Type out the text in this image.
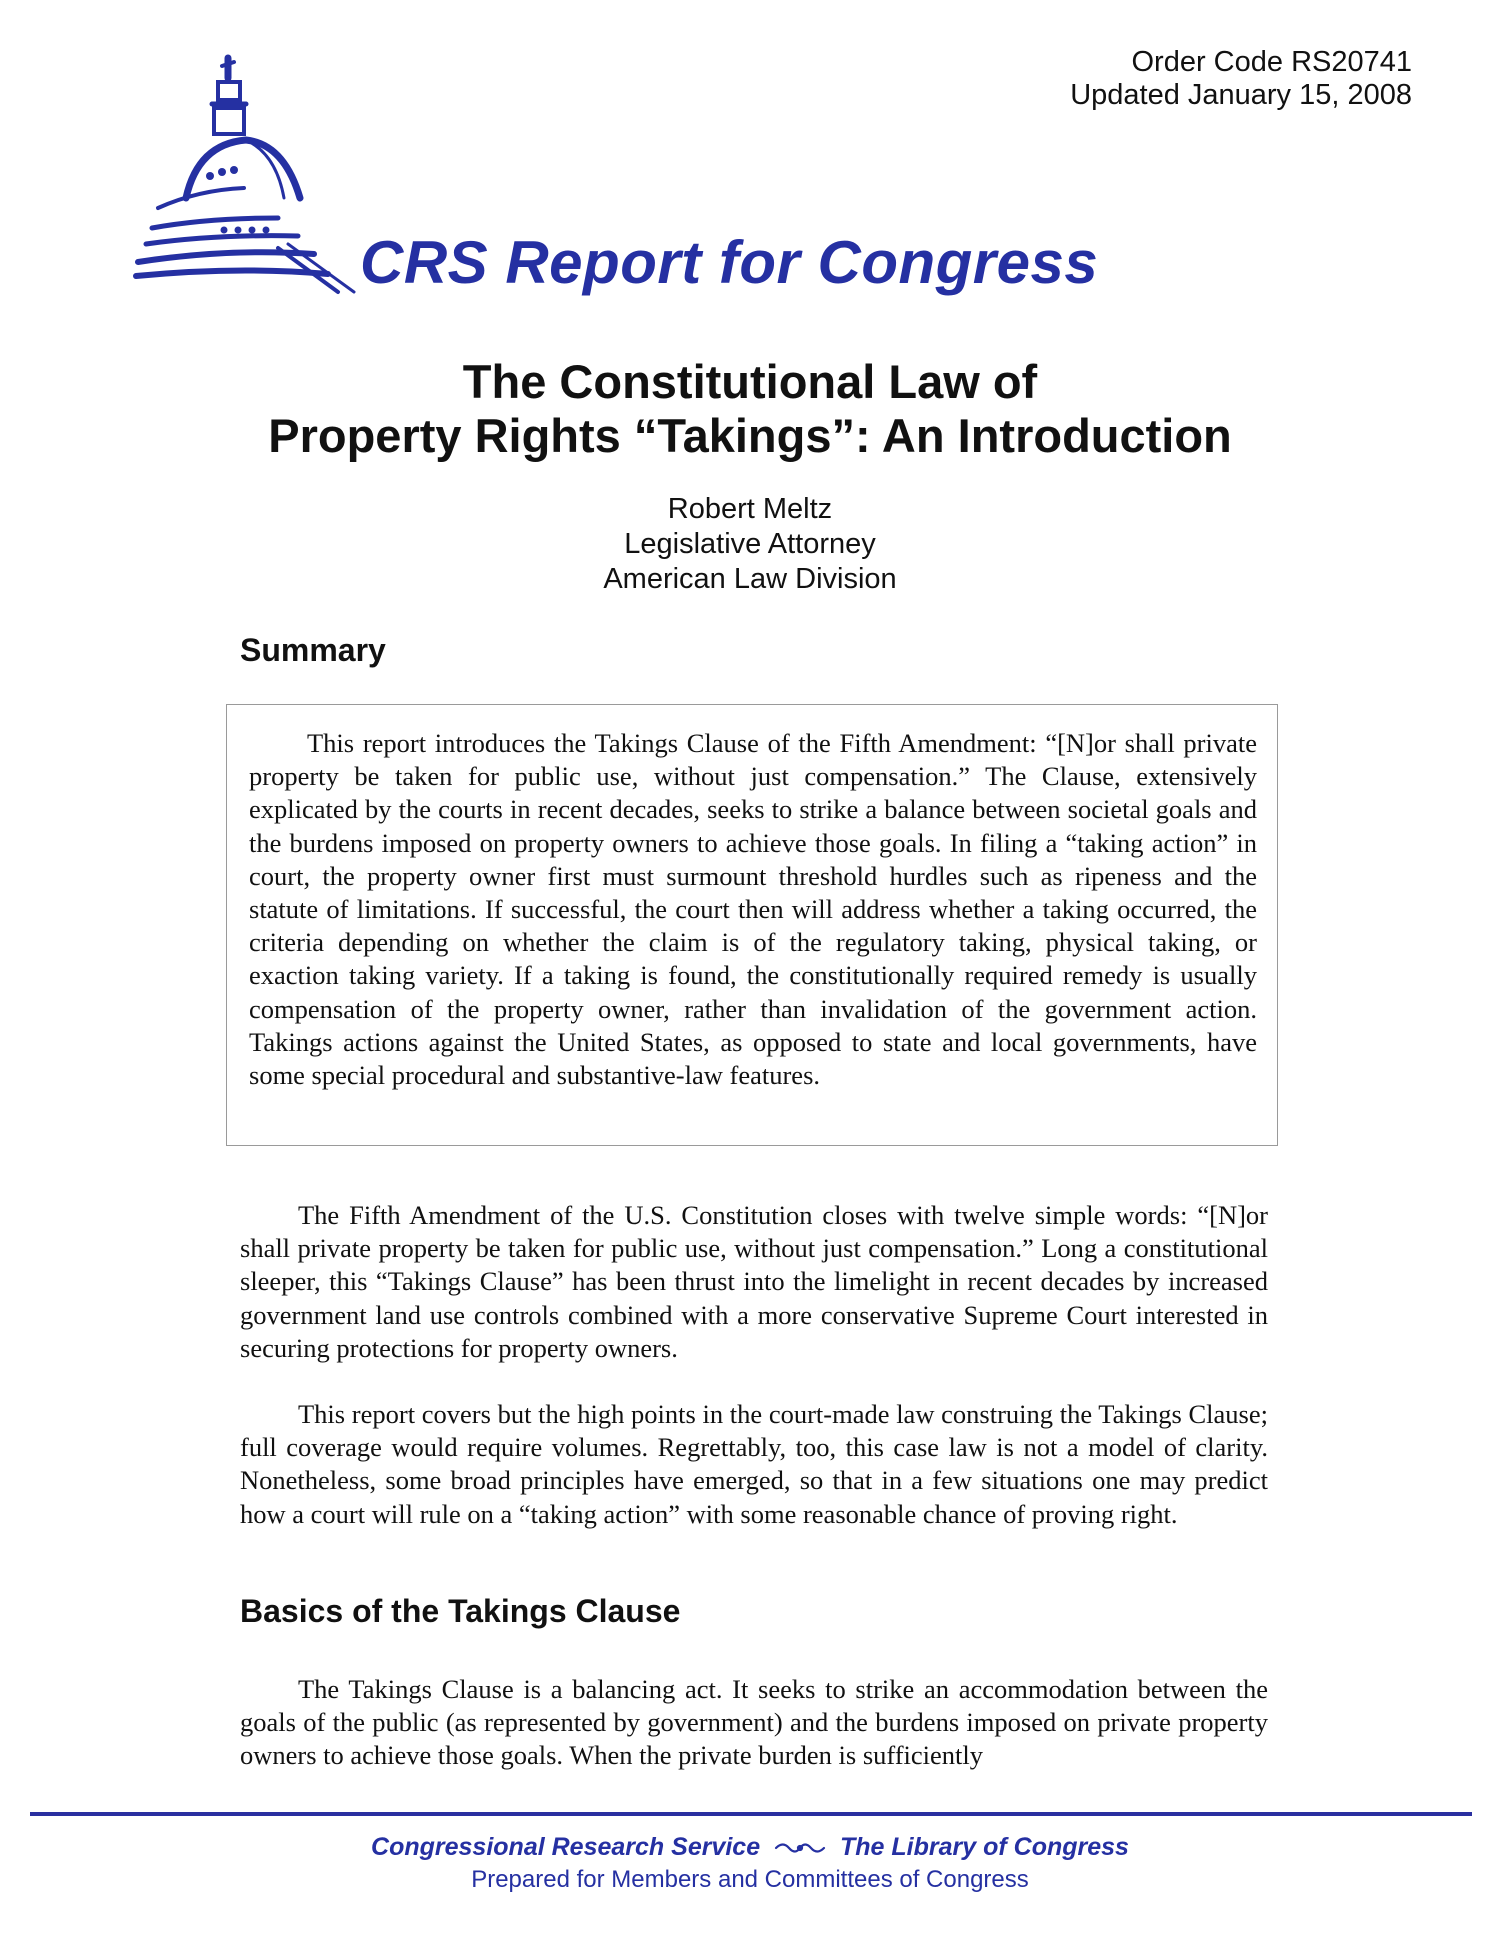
Order Code RS20741
Updated January 15, 2008
CRS Report for Congress
The Constitutional Law of
Property Rights “Takings”: An Introduction
Robert Meltz
Legislative Attorney
American Law Division
Summary
This report introduces the Takings Clause of the Fifth Amendment: “[N]or shall private property be taken for public use, without just compensation.” The Clause, extensively explicated by the courts in recent decades, seeks to strike a balance between societal goals and the burdens imposed on property owners to achieve those goals. In filing a “taking action” in court, the property owner first must surmount threshold hurdles such as ripeness and the statute of limitations. If successful, the court then will address whether a taking occurred, the criteria depending on whether the claim is of the regulatory taking, physical taking, or exaction taking variety. If a taking is found, the constitutionally required remedy is usually compensation of the property owner, rather than invalidation of the government action. Takings actions against the United States, as opposed to state and local governments, have some special procedural and substantive-law features.
The Fifth Amendment of the U.S. Constitution closes with twelve simple words: “[N]or shall private property be taken for public use, without just compensation.” Long a constitutional sleeper, this “Takings Clause” has been thrust into the limelight in recent decades by increased government land use controls combined with a more conservative Supreme Court interested in securing protections for property owners.
This report covers but the high points in the court-made law construing the Takings Clause; full coverage would require volumes. Regrettably, too, this case law is not a model of clarity. Nonetheless, some broad principles have emerged, so that in a few situations one may predict how a court will rule on a “taking action” with some reasonable chance of proving right.
Basics of the Takings Clause
The Takings Clause is a balancing act. It seeks to strike an accommodation between the goals of the public (as represented by government) and the burdens imposed on private property owners to achieve those goals. When the private burden is sufficiently
Congressional Research Service	The Library of Congress
Prepared for Members and Committees of Congress
